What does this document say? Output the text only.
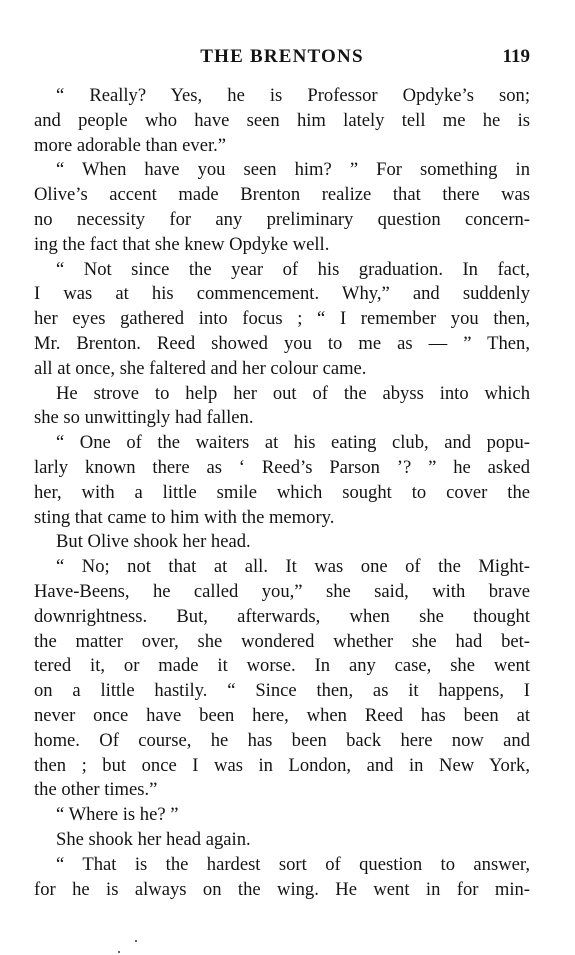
THE BRENTONS	119
“ Really? Yes, he is Professor Opdyke’s son;
and people who have seen him lately tell me he is
more adorable than ever.”
“ When have you seen him? ” For something in
Olive’s accent made Brenton realize that there was
no necessity for any preliminary question concern-
ing the fact that she knew Opdyke well.
“ Not since the year of his graduation. In fact,
I was at his commencement. Why,” and suddenly
her eyes gathered into focus ; “ I remember you then,
Mr. Brenton. Reed showed you to me as — ” Then,
all at once, she faltered and her colour came.
He strove to help her out of the abyss into which
she so unwittingly had fallen.
“ One of the waiters at his eating club, and popu-
larly known there as ‘ Reed’s Parson ’? ” he asked
her, with a little smile which sought to cover the
sting that came to him with the memory.
But Olive shook her head.
“ No; not that at all. It was one of the Might-
Have-Beens, he called you,” she said, with brave
downrightness. But, afterwards, when she thought
the matter over, she wondered whether she had bet-
tered it, or made it worse. In any case, she went
on a little hastily. “ Since then, as it happens, I
never once have been here, when Reed has been at
home. Of course, he has been back here now and
then ; but once I was in London, and in New York,
the other times.”
“ Where is he? ”
She shook her head again.
“ That is the hardest sort of question to answer,
for he is always on the wing. He went in for min-
